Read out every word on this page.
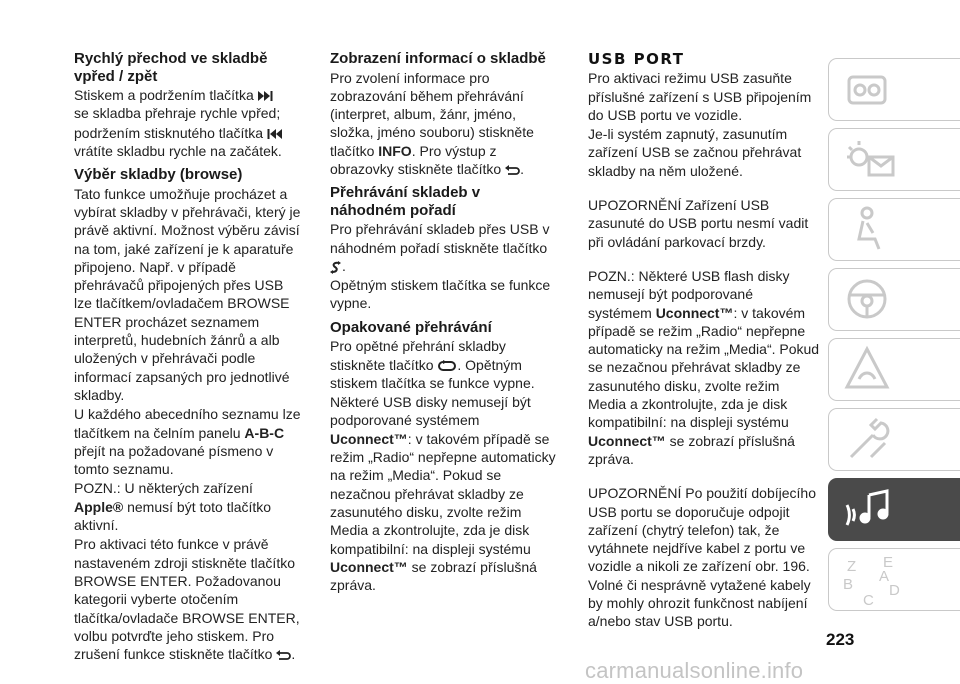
Rychlý přechod ve skladbě vpřed / zpět

Stiskem a podržením tlačítka
se skladba přehraje rychle vpřed;

podržením stisknutého tlačítka
vrátíte skladbu rychle na začátek.

Výběr skladby (browse)

Tato funkce umožňuje procházet a vybírat skladby v přehrávači, který je právě aktivní. Možnost výběru závisí na tom, jaké zařízení je k aparatuře připojeno. Např. v případě přehrávačů připojených přes USB lze tlačítkem/ovladačem BROWSE ENTER procházet seznamem interpretů, hudebních žánrů a alb uložených v přehrávači podle informací zapsaných pro jednotlivé skladby.

U každého abecedního seznamu lze tlačítkem na čelním panelu A-B-C přejít na požadované písmeno v tomto seznamu.

POZN.: U některých zařízení Apple® nemusí být toto tlačítko aktivní.

Pro aktivaci této funkce v právě nastaveném zdroji stiskněte tlačítko BROWSE ENTER. Požadovanou kategorii vyberte otočením tlačítka/ovladače BROWSE ENTER, volbu potvrďte jeho stiskem. Pro zrušení funkce stiskněte tlačítko .

Zobrazení informací o skladbě

Pro zvolení informace pro zobrazování během přehrávání (interpret, album, žánr, jméno, složka, jméno souboru) stiskněte tlačítko INFO. Pro výstup z obrazovky stiskněte tlačítko .

Přehrávání skladeb v náhodném pořadí

Pro přehrávání skladeb přes USB v náhodném pořadí stiskněte tlačítko .

Opětným stiskem tlačítka se funkce vypne.

Opakované přehrávání

Pro opětné přehrání skladby stiskněte tlačítko . Opětným stiskem tlačítka se funkce vypne.

Některé USB disky nemusejí být podporované systémem Uconnect™: v takovém případě se režim „Radio“ nepřepne automaticky na režim „Media“. Pokud se nezačnou přehrávat skladby ze zasunutého disku, zvolte režim Media a zkontrolujte, zda je disk kompatibilní: na displeji systému Uconnect™ se zobrazí příslušná zpráva.

USB PORT

Pro aktivaci režimu USB zasuňte příslušné zařízení s USB připojením do USB portu ve vozidle.

Je-li systém zapnutý, zasunutím zařízení USB se začnou přehrávat skladby na něm uložené.

UPOZORNĚNÍ Zařízení USB zasunuté do USB portu nesmí vadit při ovládání parkovací brzdy.

POZN.: Některé USB flash disky nemusejí být podporované systémem Uconnect™: v takovém případě se režim „Radio“ nepřepne automaticky na režim „Media“. Pokud se nezačnou přehrávat skladby ze zasunutého disku, zvolte režim Media a zkontrolujte, zda je disk kompatibilní: na displeji systému Uconnect™ se zobrazí příslušná zpráva.

UPOZORNĚNÍ Po použití dobíjecího USB portu se doporučuje odpojit zařízení (chytrý telefon) tak, že vytáhnete nejdříve kabel z portu ve vozidle a nikoli ze zařízení obr. 196. Volné či nesprávně vytažené kabely by mohly ohrozit funkčnost nabíjení a/nebo stav USB portu.

Z E
B
C
D
A
223
carmanualsonline.info
